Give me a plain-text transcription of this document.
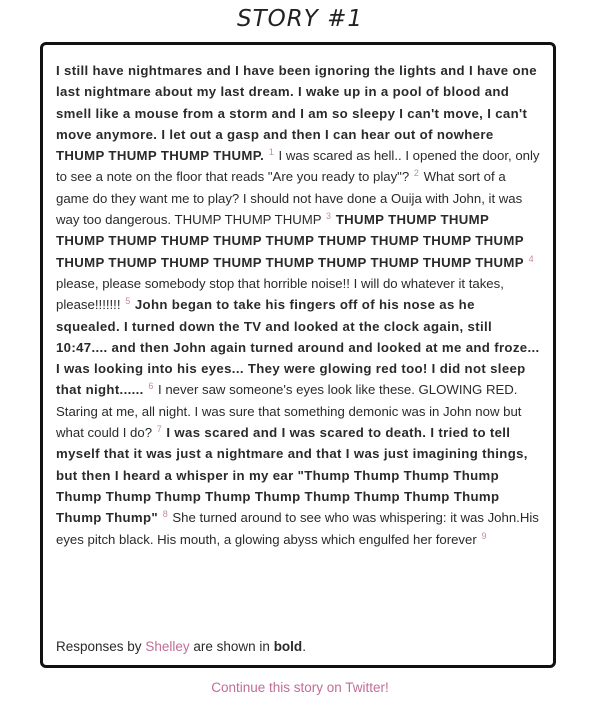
STORY #1

I still have nightmares and I have been ignoring the lights and I have one last nightmare about my last dream. I wake up in a pool of blood and smell like a mouse from a storm and I am so sleepy I can't move, I can't move anymore. I let out a gasp and then I can hear out of nowhere THUMP THUMP THUMP THUMP. $^1$ I was scared as hell.. I opened the door, only to see a note on the floor that reads "Are you ready to play"? $^2$ What sort of a game do they want me to play? I should not have done a Ouija with John, it was way too dangerous. THUMP THUMP THUMP $^3$ THUMP THUMP THUMP THUMP THUMP THUMP THUMP THUMP THUMP THUMP THUMP THUMP THUMP THUMP THUMP THUMP THUMP THUMP THUMP THUMP THUMP $^4$ please, please somebody stop that horrible noise!! I will do whatever it takes, please!!!!!!! $^5$ John began to take his fingers off of his nose as he squealed. I turned down the TV and looked at the clock again, still 10:47.... and then John again turned around and looked at me and froze... I was looking into his eyes... They were glowing red too! I did not sleep that night...... $^6$ I never saw someone's eyes look like these. GLOWING RED. Staring at me, all night. I was sure that something demonic was in John now but what could I do? $^7$ I was scared and I was scared to death. I tried to tell myself that it was just a nightmare and that I was just imagining things, but then I heard a whisper in my ear "Thump Thump Thump Thump Thump Thump Thump Thump Thump Thump Thump Thump Thump Thump Thump" $^8$ She turned around to see who was whispering: it was John.His eyes pitch black. His mouth, a glowing abyss which engulfed her forever $^9$

Responses by Shelley are shown in bold.
Continue this story on Twitter!
